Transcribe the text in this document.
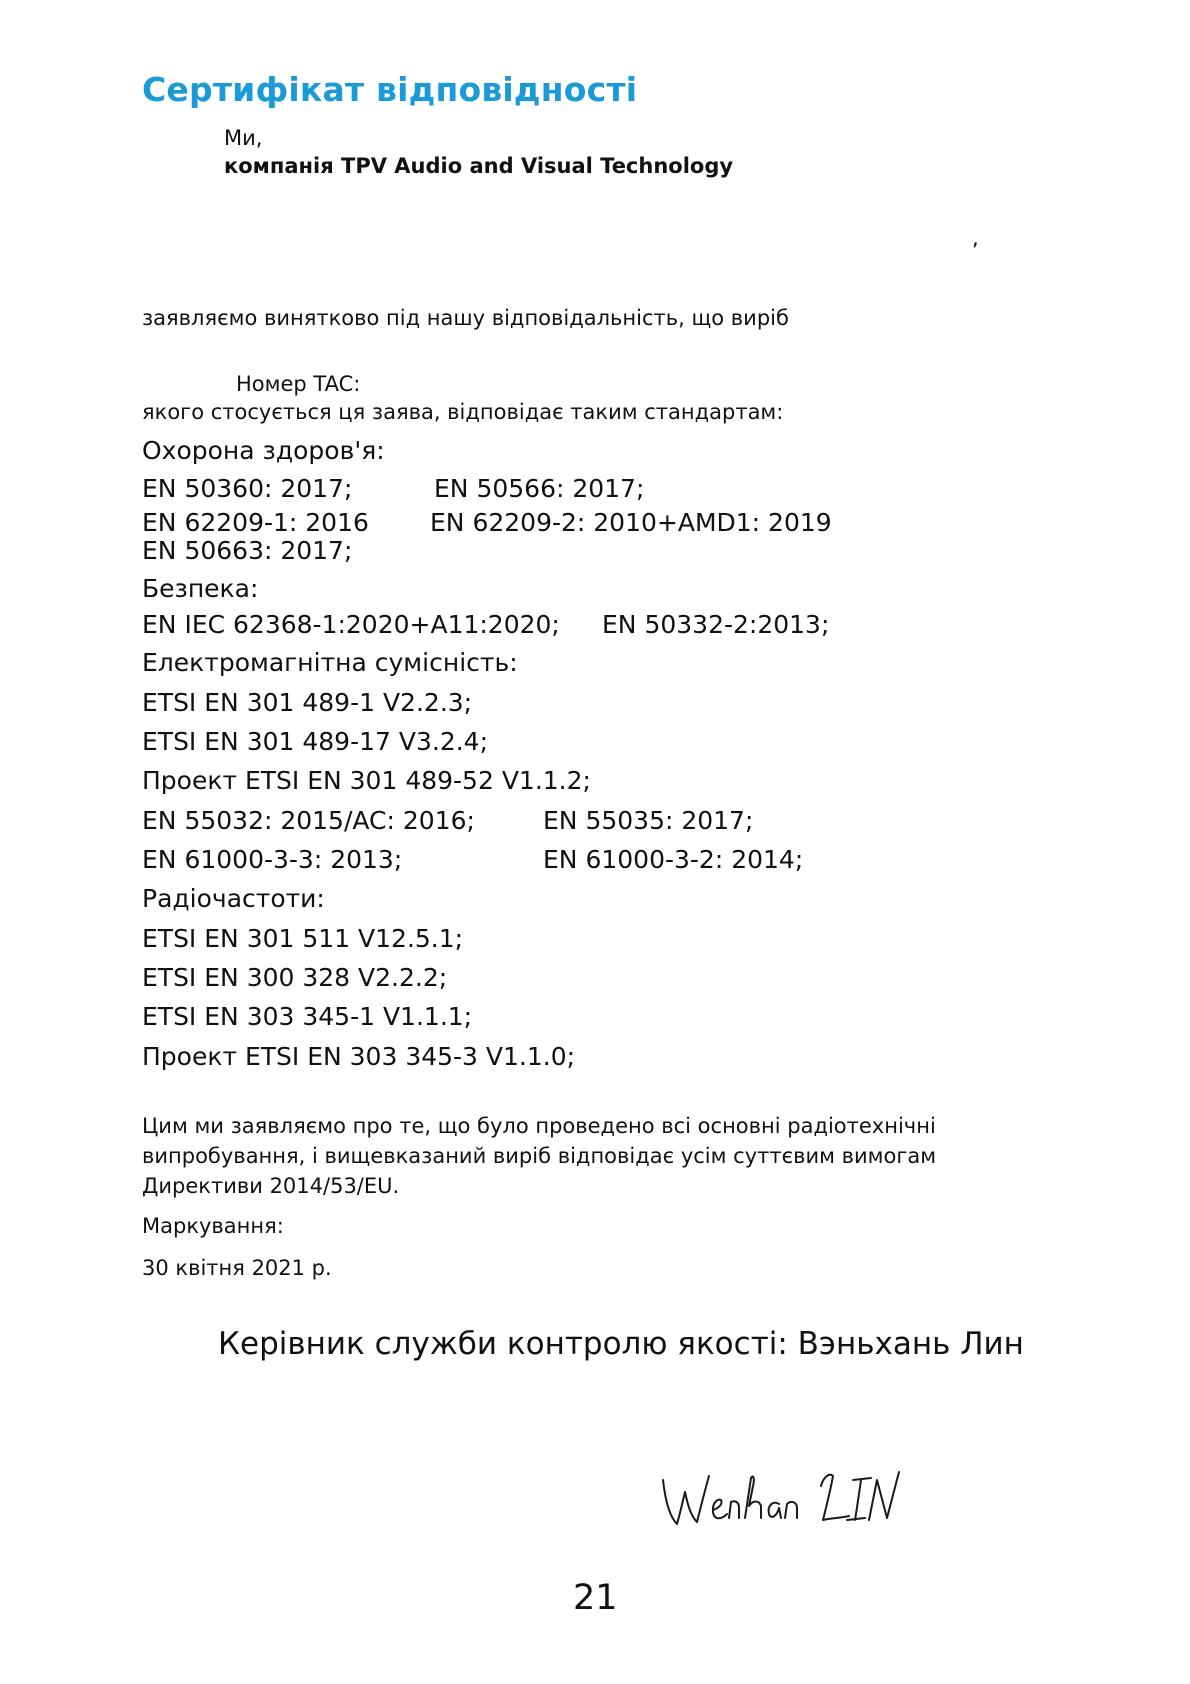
Сертифікат відповідності
Ми,
компанія TPV Audio and Visual Technology
,
заявляємо винятково під нашу відповідальність, що виріб
Номер TAC:
якого стосується ця заява, відповідає таким стандартам:
Охорона здоров'я:
EN 50360: 2017;	EN 50566: 2017;
EN 62209-1: 2016 EN 62209-2: 2010+AMD1: 2019
EN 50663: 2017;
Безпека:
EN IEC 62368-1:2020+A11:2020; EN 50332-2:2013;
Електромагнітна сумісність:
ETSI EN 301 489-1 V2.2.3;
ETSI EN 301 489-17 V3.2.4;
Проект ETSI EN 301 489-52 V1.1.2;
EN 55032: 2015/AC: 2016;	EN 55035: 2017;
EN 61000-3-3: 2013;	EN 61000-3-2: 2014;
Радіочастоти:
ETSI EN 301 511 V12.5.1;
ETSI EN 300 328 V2.2.2;
ETSI EN 303 345-1 V1.1.1;
Проект ETSI EN 303 345-3 V1.1.0;
Цим ми заявляємо про те, що було проведено всі основні радіотехнічні
випробування, і вищевказаний виріб відповідає усім суттєвим вимогам
Директиви 2014/53/EU.
Маркування:
30 квітня 2021 р.
Керівник служби контролю якості: Вэньхань Лин
21
